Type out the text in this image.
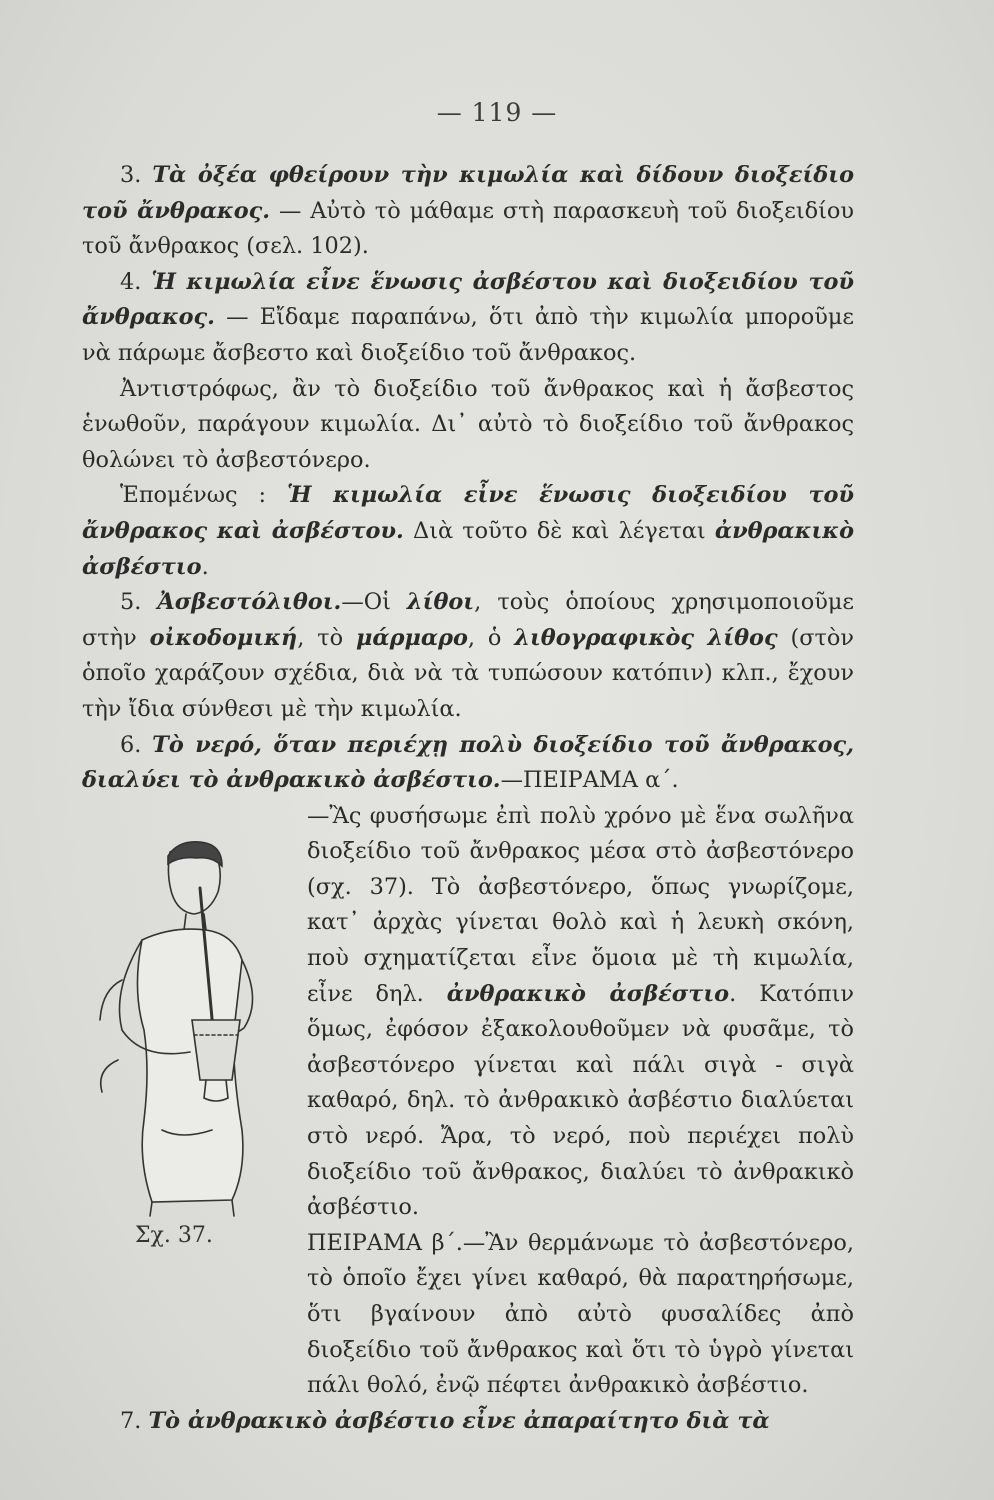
— 119 —

3. Τὰ ὀξέα φθείρουν τὴν κιμωλία καὶ δίδουν διοξείδιο τοῦ ἄνθρακος. — Αὐτὸ τὸ μάθαμε στὴ παρασκευὴ τοῦ διοξειδίου τοῦ ἄνθρακος (σελ. 102).

4. Ἡ κιμωλία εἶνε ἕνωσις ἀσβέστου καὶ διοξειδίου τοῦ ἄνθρακος. — Εἴδαμε παραπάνω, ὅτι ἀπὸ τὴν κιμωλία μποροῦμε νὰ πάρωμε ἄσβεστο καὶ διοξείδιο τοῦ ἄνθρακος.

Ἀντιστρόφως, ἂν τὸ διοξείδιο τοῦ ἄνθρακος καὶ ἡ ἄσβεστος ἑνωθοῦν, παράγουν κιμωλία. Δι᾿ αὐτὸ τὸ διοξείδιο τοῦ ἄνθρακος θολώνει τὸ ἀσβεστόνερο.

Ἑπομένως : Ἡ κιμωλία εἶνε ἕνωσις διοξειδίου τοῦ ἄνθρακος καὶ ἀσβέστου. Διὰ τοῦτο δὲ καὶ λέγεται ἀνθρακικὸ ἀσβέστιο.

5. Ἀσβεστόλιθοι.—Οἱ λίθοι, τοὺς ὁποίους χρησιμοποιοῦμε στὴν οἰκοδομική, τὸ μάρμαρο, ὁ λιθογραφικὸς λίθος (στὸν ὁποῖο χαράζουν σχέδια, διὰ νὰ τὰ τυπώσουν κατόπιν) κλπ., ἔχουν τὴν ἴδια σύνθεσι μὲ τὴν κιμωλία.

6. Τὸ νερό, ὅταν περιέχῃ πολὺ διοξείδιο τοῦ ἄνθρακος, διαλύει τὸ ἀνθρακικὸ ἀσβέστιο.—ΠΕΙΡΑΜΑ α΄.

—Ἂς φυσήσωμε ἐπὶ πολὺ χρόνο μὲ ἕνα σωλῆνα διοξείδιο τοῦ ἄνθρακος μέσα στὸ ἀσβεστόνερο (σχ. 37). Τὸ ἀσβεστόνερο, ὅπως γνωρίζομε, κατ᾿ ἀρχὰς γίνεται θολὸ καὶ ἡ λευκὴ σκόνη, ποὺ σχηματίζεται εἶνε ὅμοια μὲ τὴ κιμωλία, εἶνε δηλ. ἀνθρακικὸ ἀσβέστιο. Κατόπιν ὅμως, ἐφόσον ἐξακολουθοῦμεν νὰ φυσᾶμε, τὸ ἀσβεστόνερο γίνεται καὶ πάλι σιγὰ - σιγὰ καθαρό, δηλ. τὸ ἀνθρακικὸ ἀσβέστιο διαλύεται στὸ νερό. Ἄρα, τὸ νερό, ποὺ περιέχει πολὺ διοξείδιο τοῦ ἄνθρακος, διαλύει τὸ ἀνθρακικὸ ἀσβέστιο.

ΠΕΙΡΑΜΑ β΄.—Ἂν θερμάνωμε τὸ ἀσβεστόνερο, τὸ ὁποῖο ἔχει γίνει καθαρό, θὰ παρατηρήσωμε, ὅτι βγαίνουν ἀπὸ αὐτὸ φυσαλίδες ἀπὸ διοξείδιο τοῦ ἄνθρακος καὶ ὅτι τὸ ὑγρὸ γίνεται πάλι θολό, ἐνῷ πέφτει ἀνθρακικὸ ἀσβέστιο.

7. Τὸ ἀνθρακικὸ ἀσβέστιο εἶνε ἀπαραίτητο διὰ τὰ

Σχ. 37.
